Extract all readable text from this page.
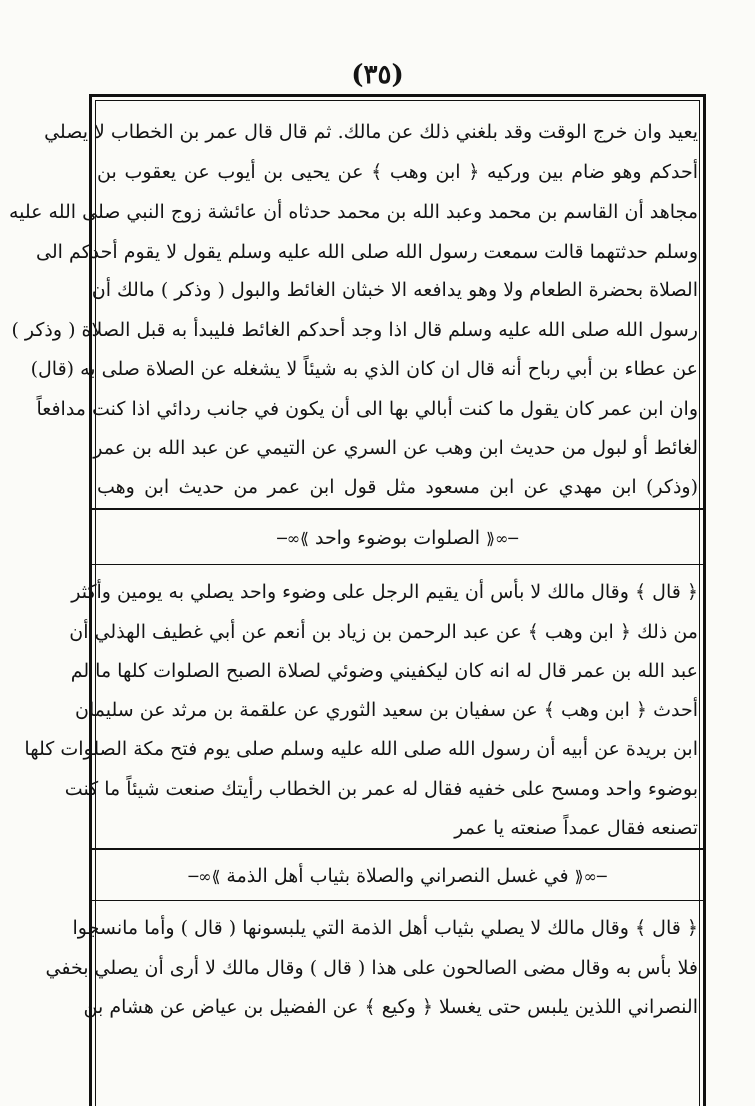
(٣٥)
يعيد وان خرج الوقت وقد بلغني ذلك عن مالك. ثم قال قال عمر بن الخطاب لا يصلي
أحدكم وهو ضام بين وركيه ﴿ ابن وهب ﴾ عن يحيى بن أيوب عن يعقوب بن
مجاهد أن القاسم بن محمد وعبد الله بن محمد حدثاه أن عائشة زوج النبي صلى الله عليه
وسلم حدثتهما قالت سمعت رسول الله صلى الله عليه وسلم يقول لا يقوم أحدكم الى
الصلاة بحضرة الطعام ولا وهو يدافعه الا خبثان الغائط والبول ( وذكر ) مالك أن
رسول الله صلى الله عليه وسلم قال اذا وجد أحدكم الغائط فليبدأ به قبل الصلاة ( وذكر )
عن عطاء بن أبي رباح أنه قال ان كان الذي به شيئاً لا يشغله عن الصلاة صلى به (قال)
وان ابن عمر كان يقول ما كنت أبالي بها الى أن يكون في جانب ردائي اذا كنت مدافعاً
لغائط أو لبول من حديث ابن وهب عن السري عن التيمي عن عبد الله بن عمر
(وذكر) ابن مهدي عن ابن مسعود مثل قول ابن عمر من حديث ابن وهب
─∞⟪ الصلوات بوضوء واحد ⟫∞─
﴿ قال ﴾ وقال مالك لا بأس أن يقيم الرجل على وضوء واحد يصلي به يومين وأكثر
من ذلك ﴿ ابن وهب ﴾ عن عبد الرحمن بن زياد بن أنعم عن أبي غطيف الهذلي أن
عبد الله بن عمر قال له انه كان ليكفيني وضوئي لصلاة الصبح الصلوات كلها ما لم
أحدث ﴿ ابن وهب ﴾ عن سفيان بن سعيد الثوري عن علقمة بن مرثد عن سليمان
ابن بريدة عن أبيه أن رسول الله صلى الله عليه وسلم صلى يوم فتح مكة الصلوات كلها
بوضوء واحد ومسح على خفيه فقال له عمر بن الخطاب رأيتك صنعت شيئاً ما كنت
تصنعه فقال عمداً صنعته يا عمر
─∞⟪ في غسل النصراني والصلاة بثياب أهل الذمة ⟫∞─
﴿ قال ﴾ وقال مالك لا يصلي بثياب أهل الذمة التي يلبسونها ( قال ) وأما مانسجوا
فلا بأس به وقال مضى الصالحون على هذا ( قال ) وقال مالك لا أرى أن يصلي بخفي
النصراني اللذين يلبس حتى يغسلا ﴿ وكيع ﴾ عن الفضيل بن عياض عن هشام بن
